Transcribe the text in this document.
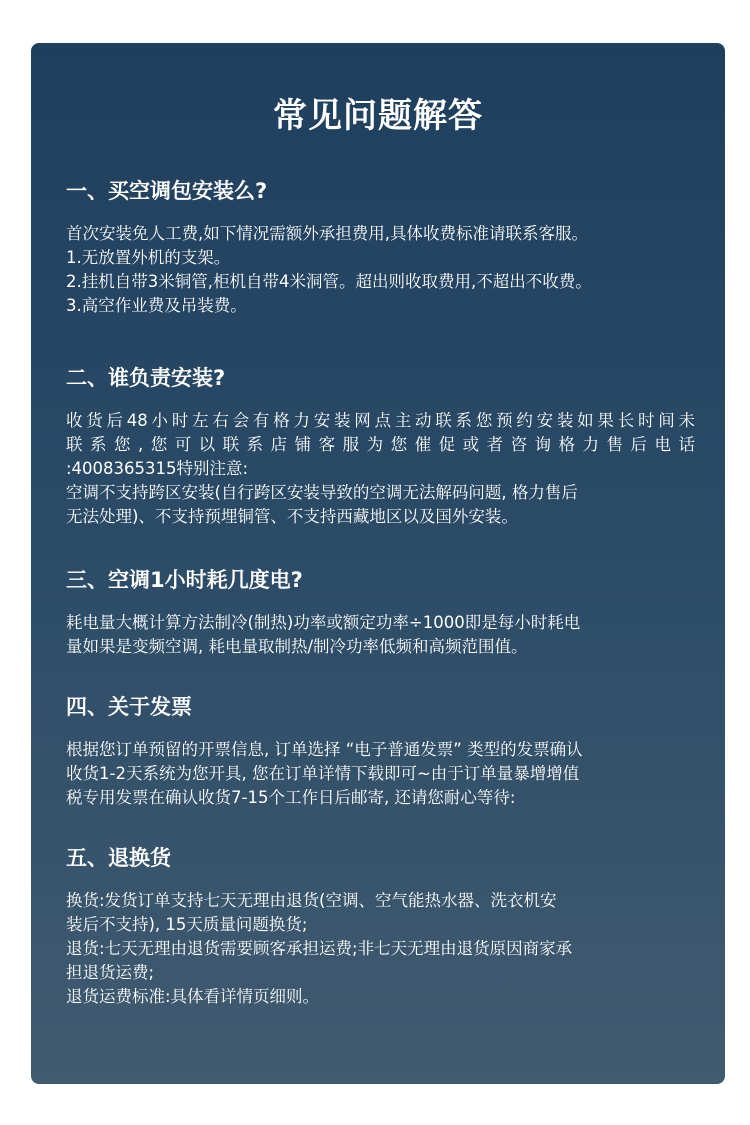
常见问题解答
一、买空调包安装么?

首次安装免人工费,如下情况需额外承担费用,具体收费标准请联系客服。
1.无放置外机的支架。
2.挂机自带3米铜管,柜机自带4米洞管。超出则收取费用,不超出不收费。
3.高空作业费及吊装费。

二、谁负责安装?

收货后48小时左右会有格力安装网点主动联系您预约安装如果长时间未
联系您,您可以联系店铺客服为您催促或者咨询格力售后电话
:4008365315特别注意:
空调不支持跨区安装(自行跨区安装导致的空调无法解码问题, 格力售后
无法处理)、不支持预埋铜管、不支持西藏地区以及国外安装。

三、空调1小时耗几度电?

耗电量大概计算方法制冷(制热)功率或额定功率÷1000即是每小时耗电
量如果是变频空调, 耗电量取制热/制冷功率低频和高频范围值。

四、关于发票

根据您订单预留的开票信息, 订单选择 “电子普通发票” 类型的发票确认
收货1-2天系统为您开具, 您在订单详情下载即可~由于订单量暴增增值
税专用发票在确认收货7-15个工作日后邮寄, 还请您耐心等待:

五、退换货

换货:发货订单支持七天无理由退货(空调、空气能热水器、洗衣机安
装后不支持), 15天质量问题换货;
退货:七天无理由退货需要顾客承担运费;非七天无理由退货原因商家承
担退货运费;
退货运费标准:具体看详情页细则。
